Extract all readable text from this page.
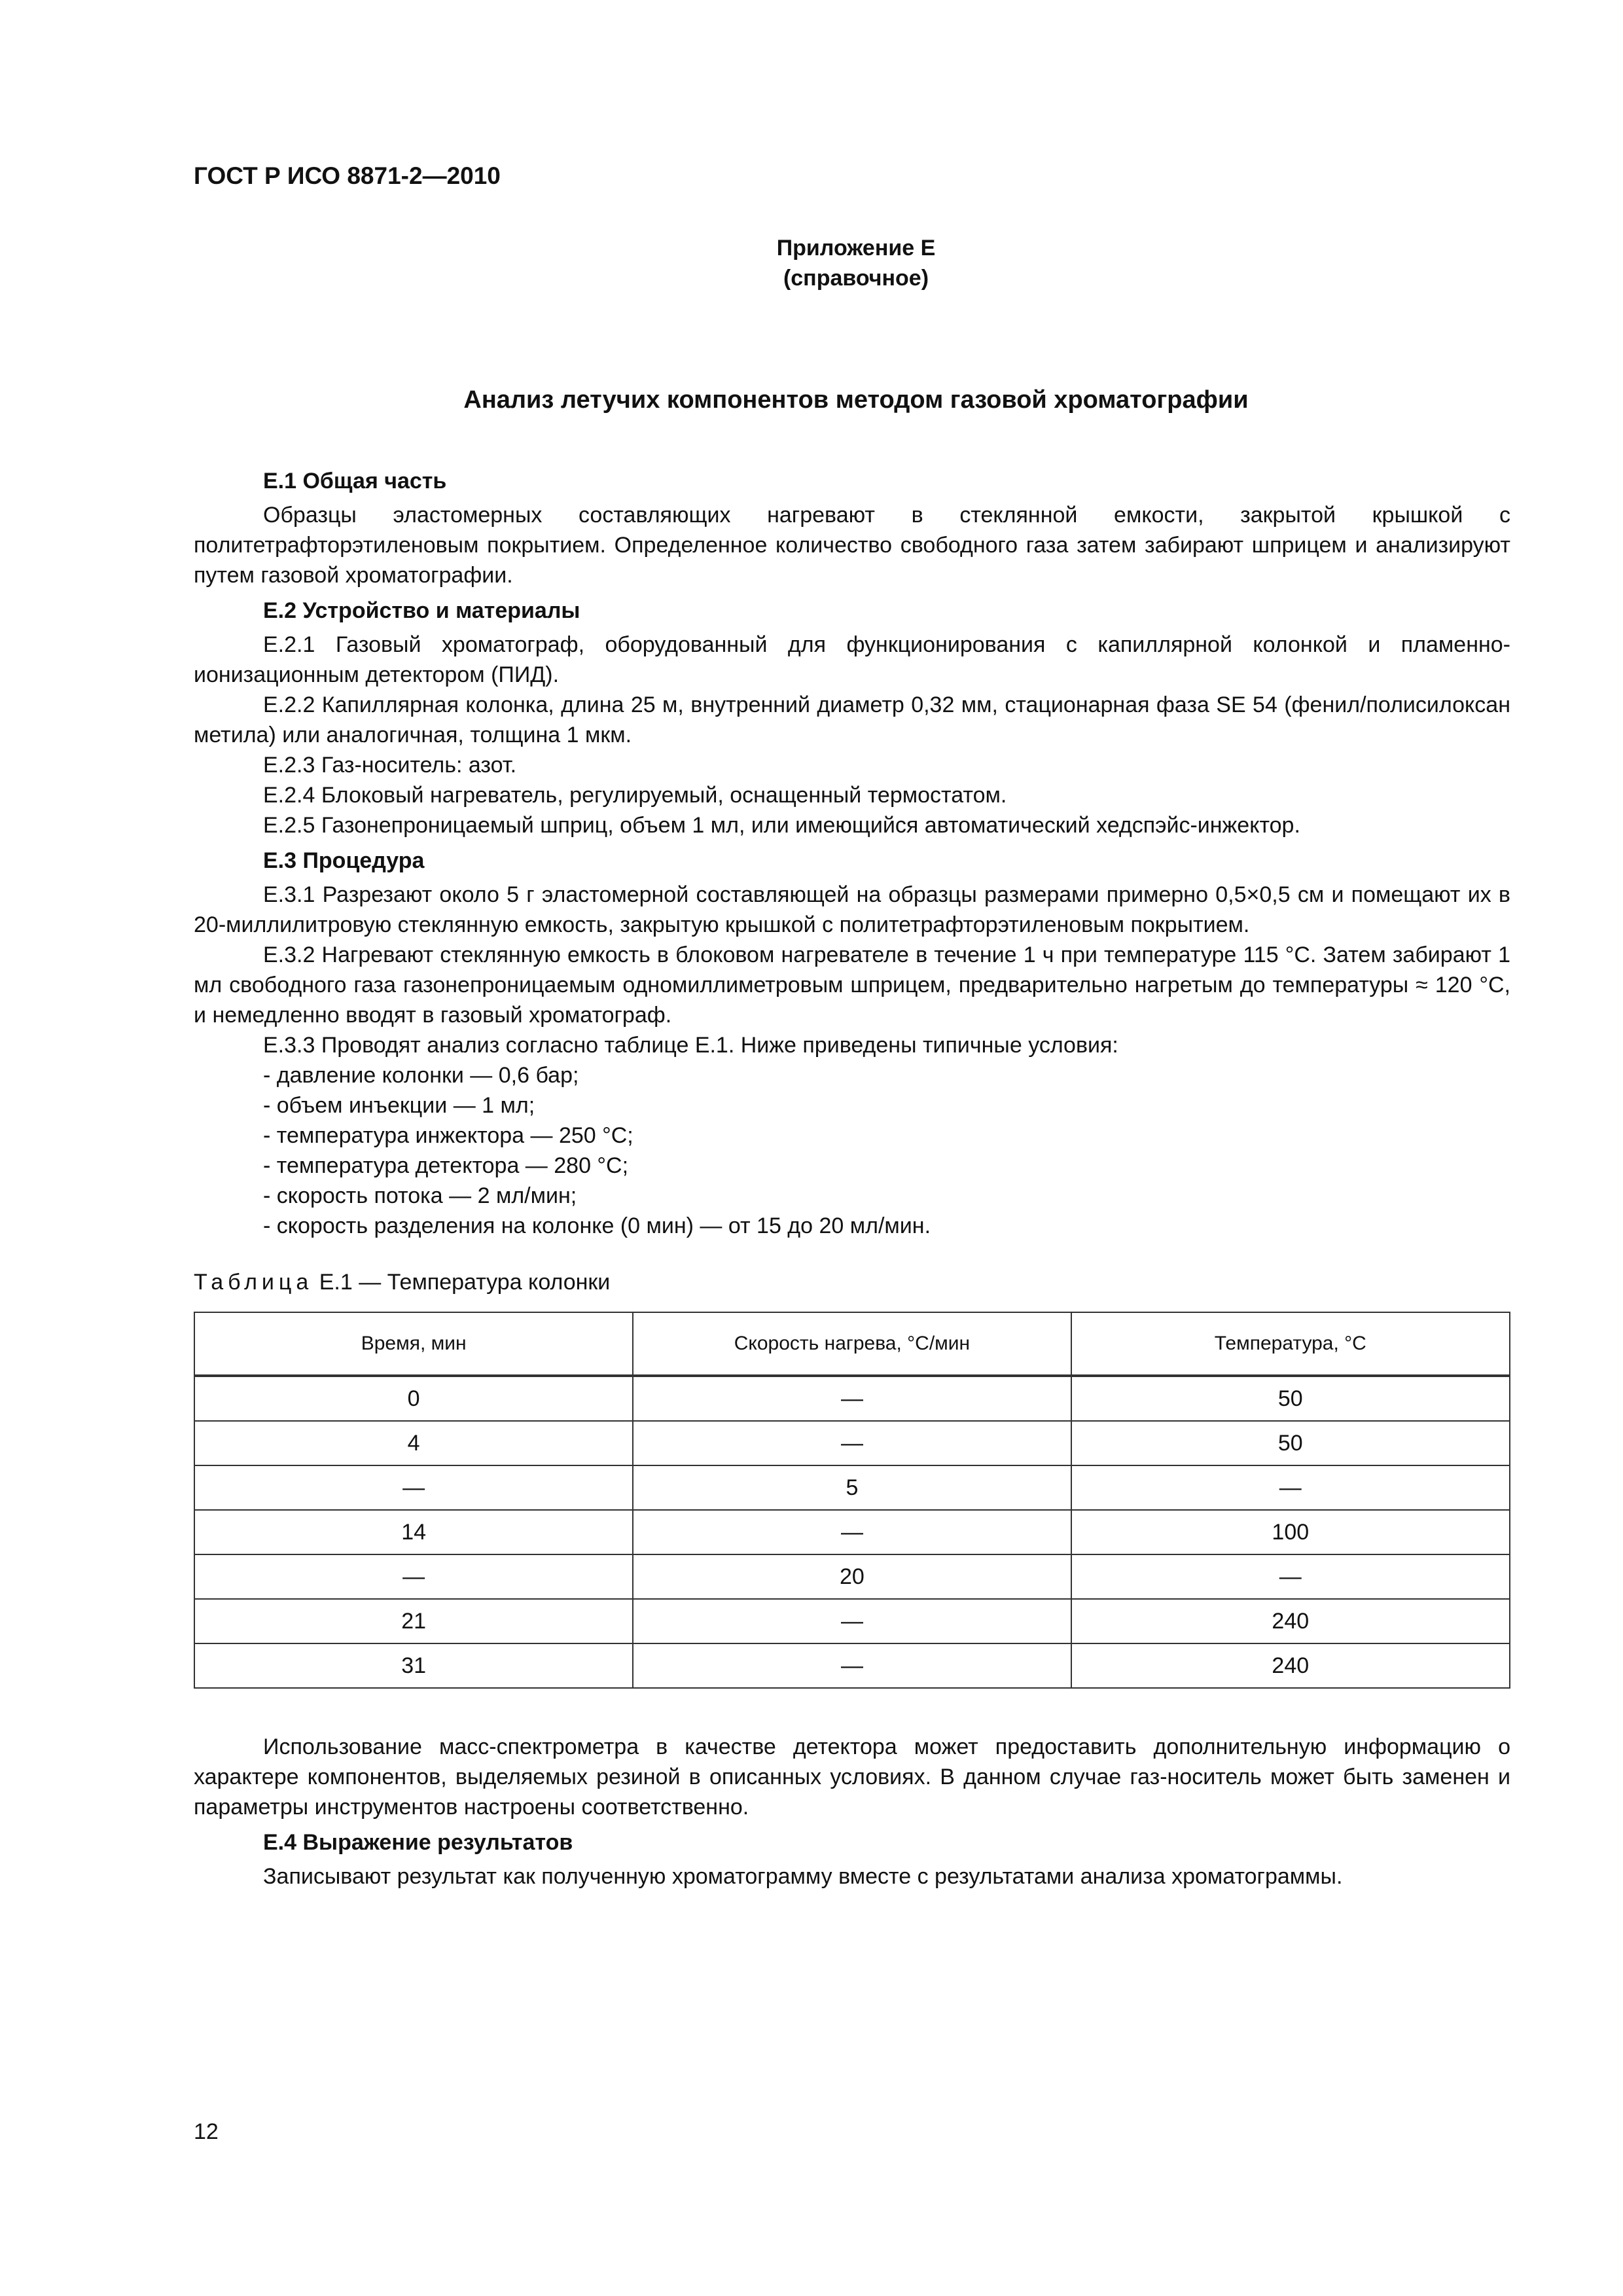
ГОСТ Р ИСО 8871-2—2010
Приложение Е
(справочное)
Анализ летучих компонентов методом газовой хроматографии

Е.1 Общая часть

Образцы эластомерных составляющих нагревают в стеклянной емкости, закрытой крышкой с политетрафторэтиленовым покрытием. Определенное количество свободного газа затем забирают шприцем и анализируют путем газовой хроматографии.

Е.2 Устройство и материалы

Е.2.1 Газовый хроматограф, оборудованный для функционирования с капиллярной колонкой и пламенно-ионизационным детектором (ПИД).

Е.2.2 Капиллярная колонка, длина 25 м, внутренний диаметр 0,32 мм, стационарная фаза SE 54 (фенил/полисилоксан метила) или аналогичная, толщина 1 мкм.

Е.2.3 Газ-носитель: азот.

Е.2.4 Блоковый нагреватель, регулируемый, оснащенный термостатом.

Е.2.5 Газонепроницаемый шприц, объем 1 мл, или имеющийся автоматический хедспэйс-инжектор.

Е.3 Процедура

Е.3.1 Разрезают около 5 г эластомерной составляющей на образцы размерами примерно 0,5×0,5 см и помещают их в 20-миллилитровую стеклянную емкость, закрытую крышкой с политетрафторэтиленовым покрытием.

Е.3.2 Нагревают стеклянную емкость в блоковом нагревателе в течение 1 ч при температуре 115 °С. Затем забирают 1 мл свободного газа газонепроницаемым одномиллиметровым шприцем, предварительно нагретым до температуры ≈ 120 °С, и немедленно вводят в газовый хроматограф.

Е.3.3 Проводят анализ согласно таблице Е.1. Ниже приведены типичные условия:

- давление колонки — 0,6 бар;

- объем инъекции — 1 мл;

- температура инжектора — 250 °С;

- температура детектора — 280 °С;

- скорость потока — 2 мл/мин;

- скорость разделения на колонке (0 мин) — от 15 до 20 мл/мин.

Таблица Е.1 — Температура колонки

Время, мин	Скорость нагрева, °С/мин	Температура, °С
0	—	50
4	—	50
—	5	—
14	—	100
—	20	—
21	—	240
31	—	240

Использование масс-спектрометра в качестве детектора может предоставить дополнительную информацию о характере компонентов, выделяемых резиной в описанных условиях. В данном случае газ-носитель может быть заменен и параметры инструментов настроены соответственно.

Е.4 Выражение результатов

Записывают результат как полученную хроматограмму вместе с результатами анализа хроматограммы.

12
